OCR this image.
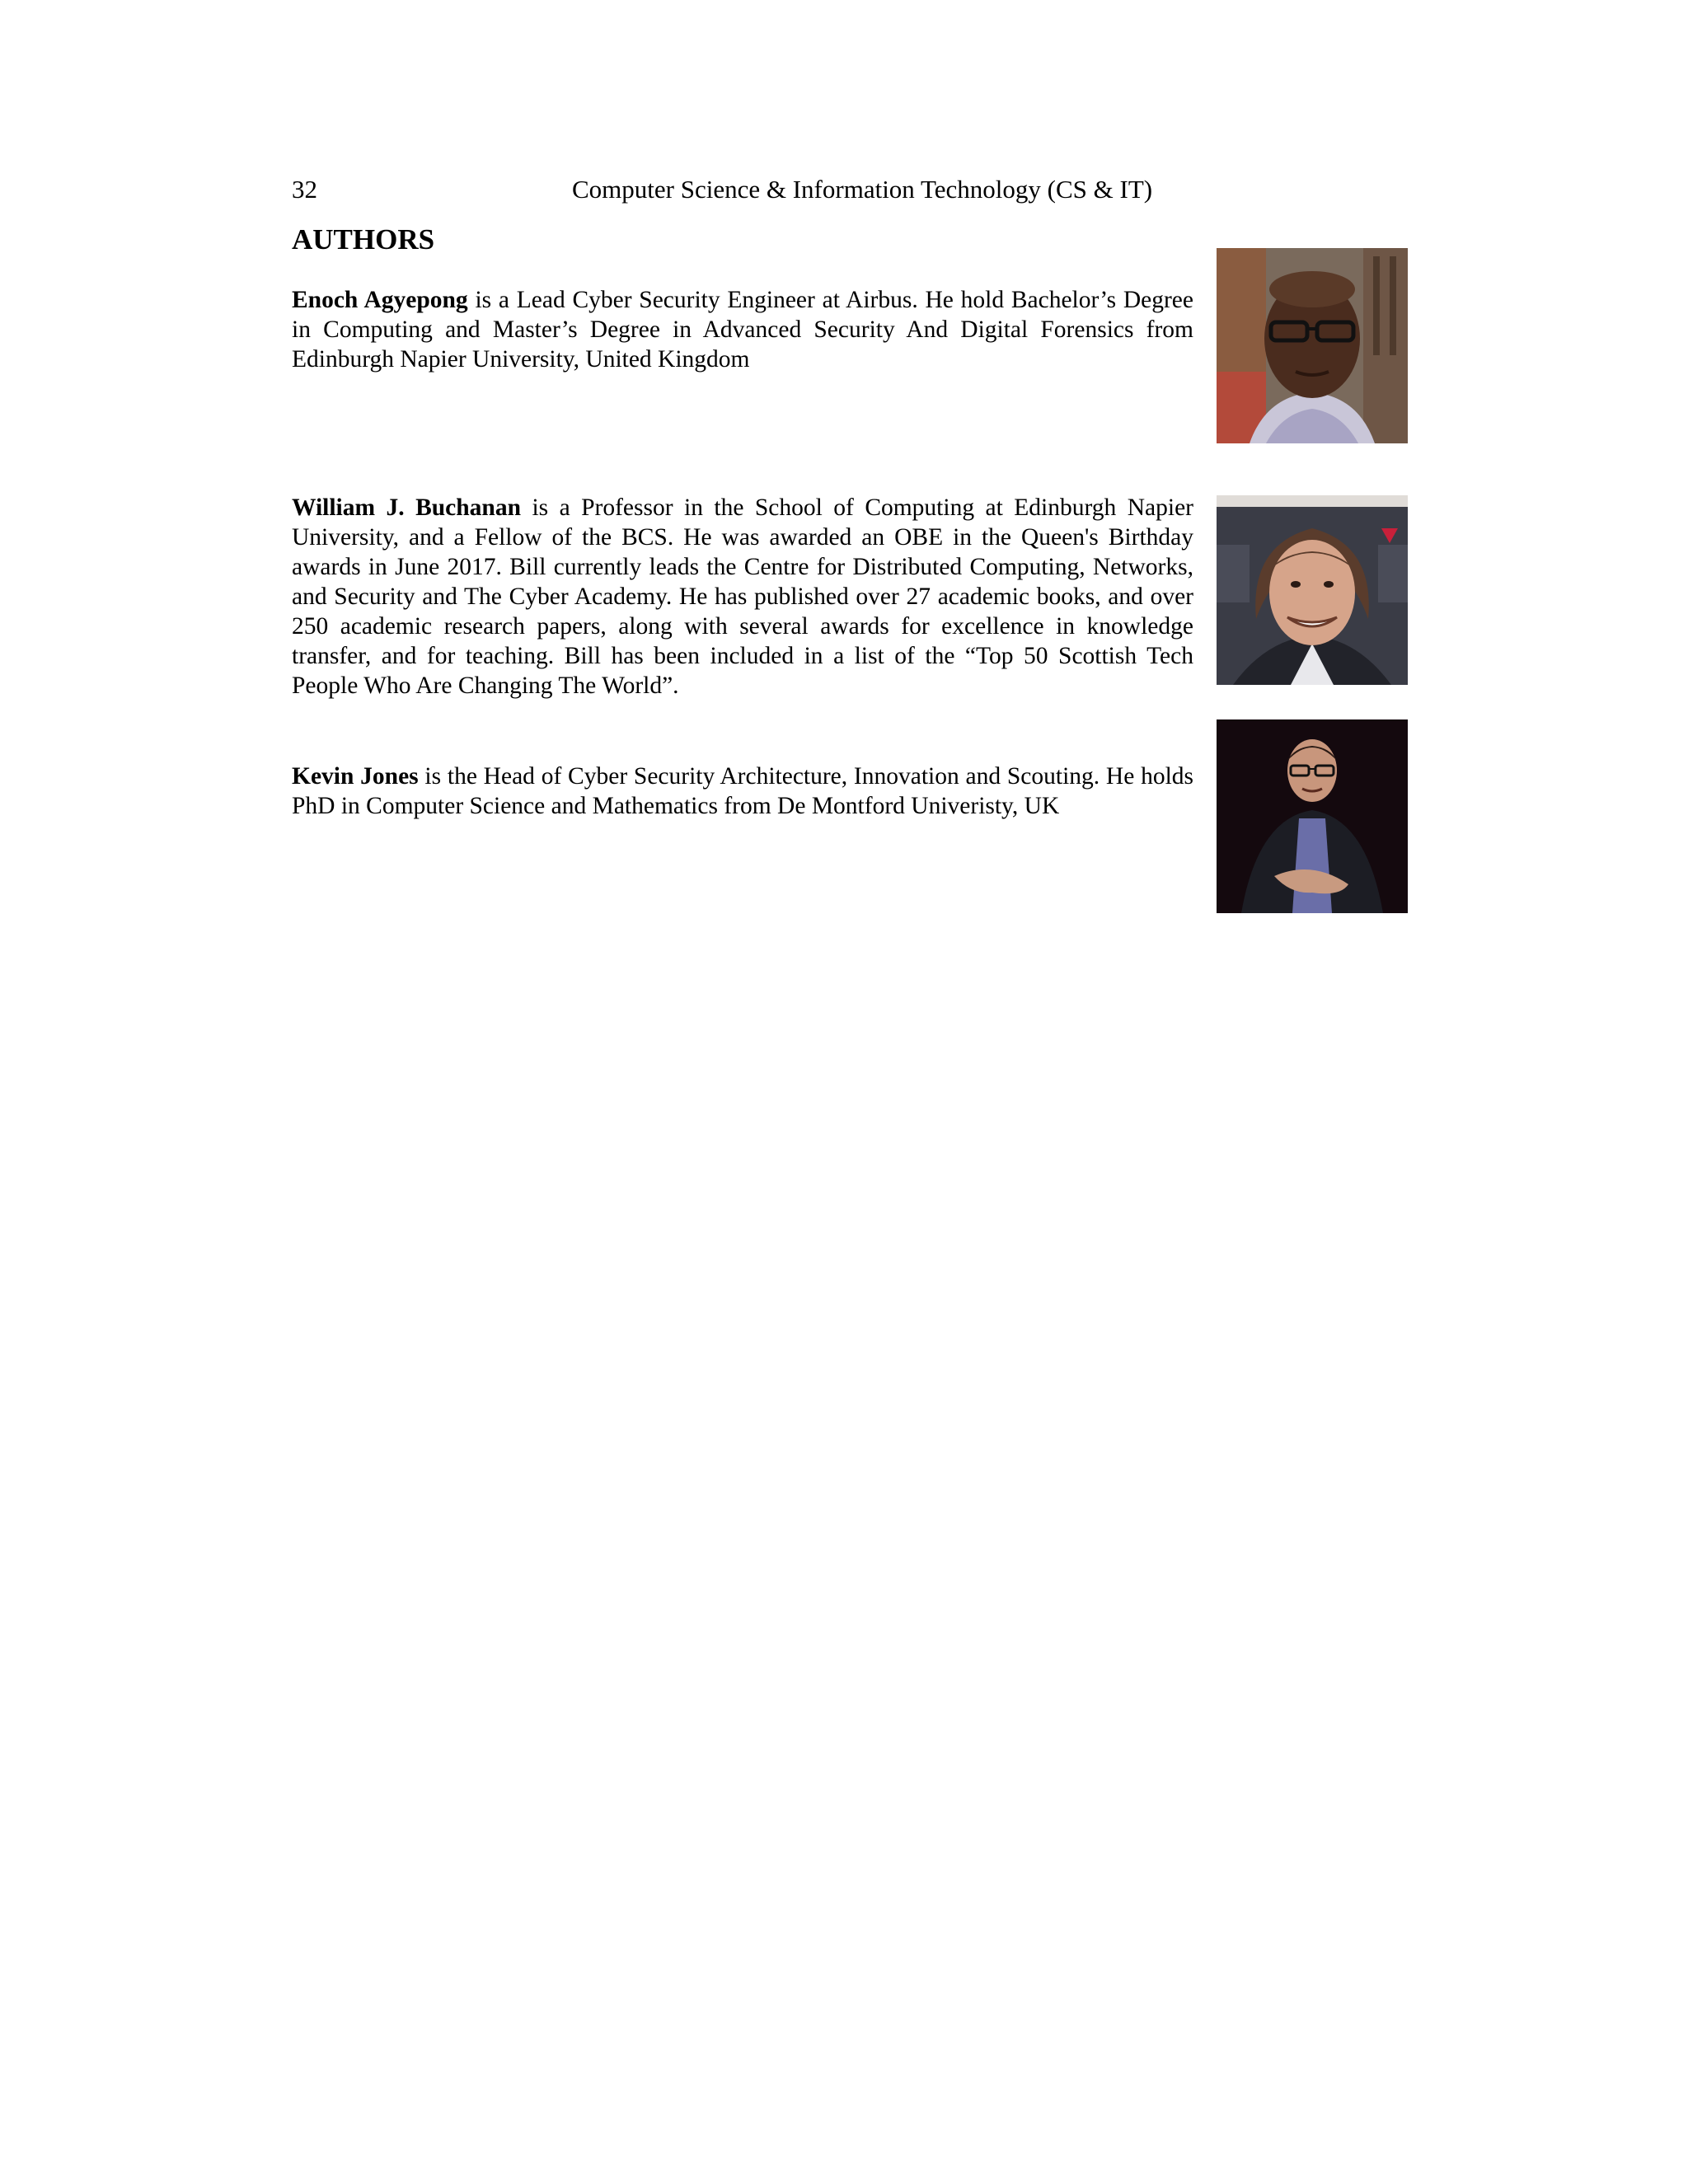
32	Computer Science & Information Technology (CS & IT)
AUTHORS

Enoch Agyepong is a Lead Cyber Security Engineer at Airbus. He hold Bachelor’s Degree in Computing and Master’s Degree in Advanced Security And Digital Forensics from Edinburgh Napier University, United Kingdom

William J. Buchanan is a Professor in the School of Computing at Edinburgh Napier University, and a Fellow of the BCS. He was awarded an OBE in the Queen's Birthday awards in June 2017. Bill currently leads the Centre for Distributed Computing, Networks, and Security and The Cyber Academy. He has published over 27 academic books, and over 250 academic research papers, along with several awards for excellence in knowledge transfer, and for teaching. Bill has been included in a list of the “Top 50 Scottish Tech People Who Are Changing The World”.

Kevin Jones is the Head of Cyber Security Architecture, Innovation and Scouting. He holds PhD in Computer Science and Mathematics from De Montford Univeristy, UK
